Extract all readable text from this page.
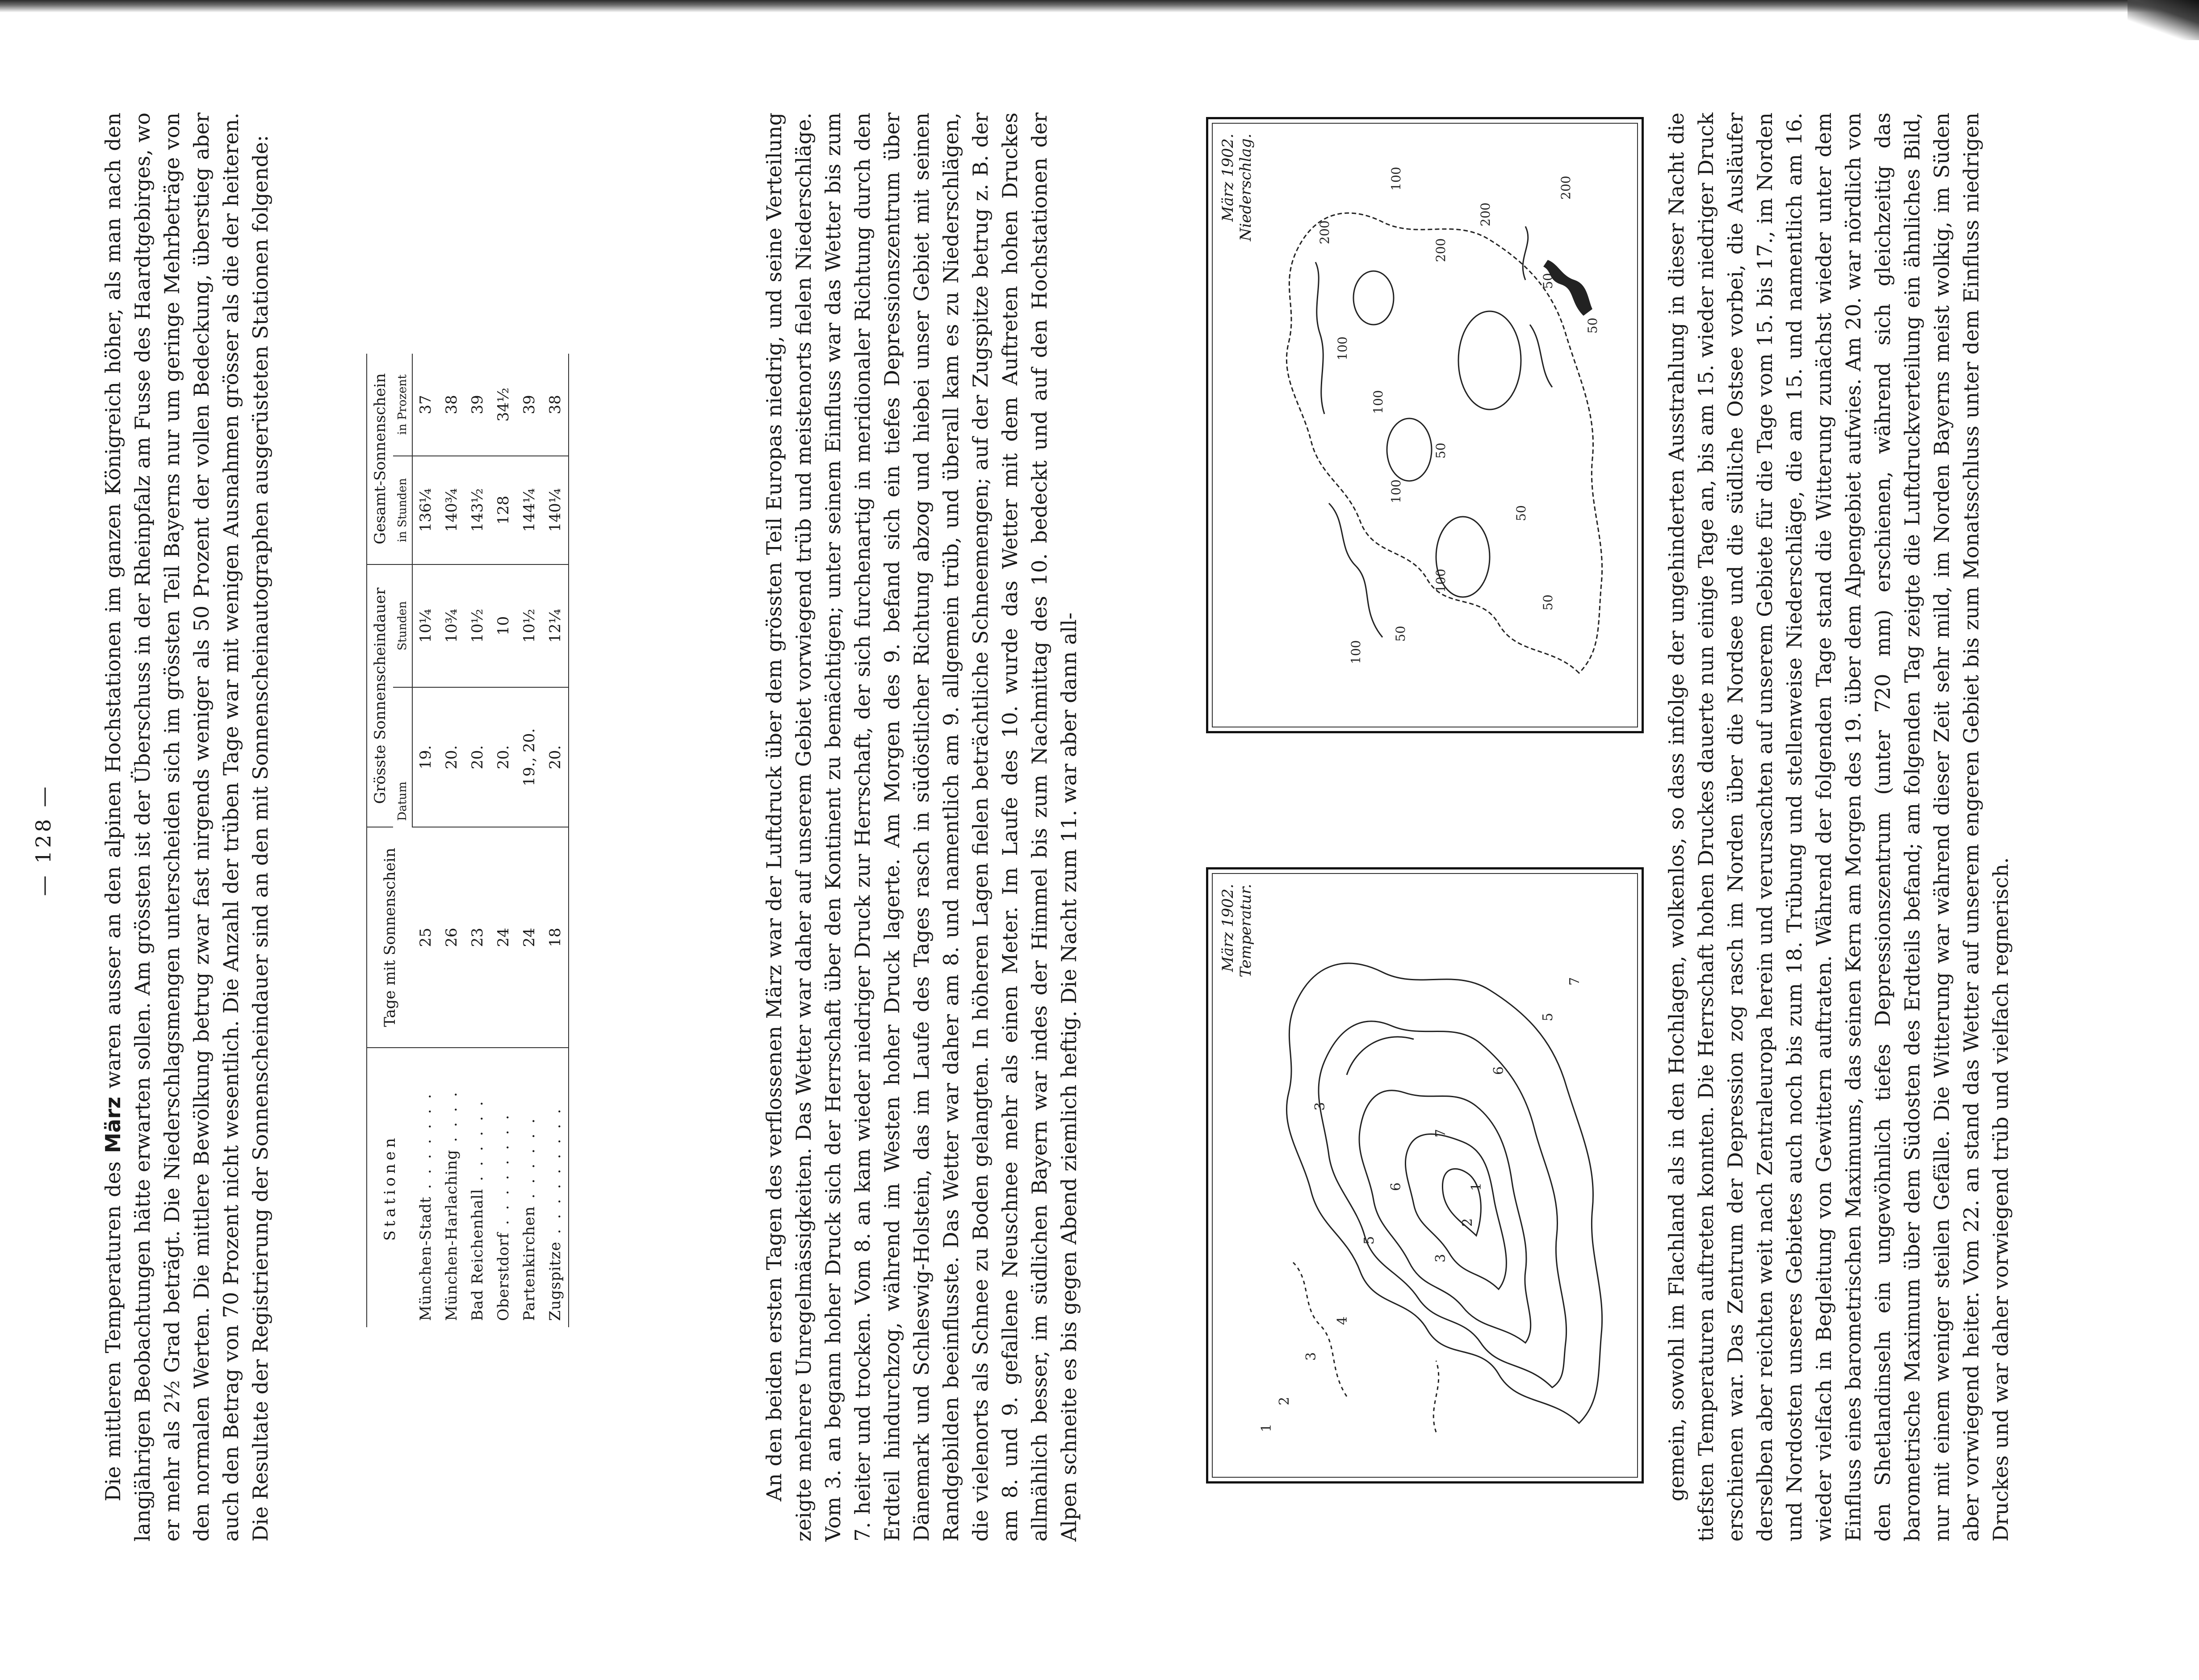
— 128 —

Die mittleren Temperaturen des März waren ausser an den alpinen Hochstationen im ganzen Königreich höher, als man nach den langjährigen Beobachtungen hätte erwarten sollen. Am grössten ist der Überschuss in der Rheinpfalz am Fusse des Haardtgebirges, wo er mehr als 2½ Grad beträgt. Die Niederschlagsmengen unterscheiden sich im grössten Teil Bayerns nur um geringe Mehrbeträge von den normalen Werten. Die mittlere Bewölkung betrug zwar fast nirgends weniger als 50 Prozent der vollen Bedeckung, überstieg aber auch den Betrag von 70 Prozent nicht wesentlich. Die Anzahl der trüben Tage war mit wenigen Ausnahmen grösser als die der heiteren. Die Resultate der Registrierung der Sonnenscheindauer sind an den mit Sonnenscheinautographen ausgerüsteten Stationen folgende:	Stationen	Tage mit Sonnenschein	Grösste Sonnenscheindauer		Gesamt-Sonnenschein	
		Datum	Stunden	in Stunden	in Prozent
München-Stadt . . . . . . .	25	19.	10¼	136¼	37
München-Harlaching . . . .	26	20.	10¾	140¾	38
Bad Reichenhall . . . . . .	23	20.	10½	143½	39
Oberstdorf . . . . . . . .	24	20.	10	128	34½
Partenkirchen . . . . . .	24	19., 20.	10½	144¼	39
Zugspitze . . . . . . . . .	18	20.	12¼	140¼	38	An den beiden ersten Tagen des verflossenen März war der Luftdruck über dem grössten Teil Europas niedrig, und seine Verteilung zeigte mehrere Unregelmässigkeiten. Das Wetter war daher auf unserem Gebiet vorwiegend trüb und meistenorts fielen Niederschläge. Vom 3. an begann hoher Druck sich der Herrschaft über den Kontinent zu bemächtigen; unter seinem Einfluss war das Wetter bis zum 7. heiter und trocken. Vom 8. an kam wieder niedriger Druck zur Herrschaft, der sich furchenartig in meridionaler Richtung durch den Erdteil hindurchzog, während im Westen hoher Druck lagerte. Am Morgen des 9. befand sich ein tiefes Depressionszentrum über Dänemark und Schleswig-Holstein, das im Laufe des Tages rasch in südöstlicher Richtung abzog und hiebei unser Gebiet mit seinen Randgebilden beeinflusste. Das Wetter war daher am 8. und namentlich am 9. allgemein trüb, und überall kam es zu Niederschlägen, die vielenorts als Schnee zu Boden gelangten. In höheren Lagen fielen beträchtliche Schneemengen; auf der Zugspitze betrug z. B. der am 8. und 9. gefallene Neuschnee mehr als einen Meter. Im Laufe des 10. wurde das Wetter mit dem Auftreten hohen Druckes allmählich besser, im südlichen Bayern war indes der Himmel bis zum Nachmittag des 10. bedeckt und auf den Hochstationen der Alpen schneite es bis gegen Abend ziemlich heftig. Die Nacht zum 11. war aber dann all-	1
2
3
4
5
6
7
6
5
7
3
2
1
3
März 1902. Temperatur.
100
50
100
100
50
100
100
200
200
200
50
50
100
50
50
200
März 1902. Niederschlag.	gemein, sowohl im Flachland als in den Hochlagen, wolkenlos, so dass infolge der ungehinderten Ausstrahlung in dieser Nacht die tiefsten Temperaturen auftreten konnten. Die Herrschaft hohen Druckes dauerte nun einige Tage an, bis am 15. wieder niedriger Druck erschienen war. Das Zentrum der Depression zog rasch im Norden über die Nordsee und die südliche Ostsee vorbei, die Ausläufer derselben aber reichten weit nach Zentraleuropa herein und verursachten auf unserem Gebiete für die Tage vom 15. bis 17., im Norden und Nordosten unseres Gebietes auch noch bis zum 18. Trübung und stellenweise Niederschläge, die am 15. und namentlich am 16. wieder vielfach in Begleitung von Gewittern auftraten. Während der folgenden Tage stand die Witterung zunächst wieder unter dem Einfluss eines barometrischen Maximums, das seinen Kern am Morgen des 19. über dem Alpengebiet aufwies. Am 20. war nördlich von den Shetlandinseln ein ungewöhnlich tiefes Depressionszentrum (unter 720 mm) erschienen, während sich gleichzeitig das barometrische Maximum über dem Südosten des Erdteils befand; am folgenden Tag zeigte die Luftdruckverteilung ein ähnliches Bild, nur mit einem weniger steilen Gefälle. Die Witterung war während dieser Zeit sehr mild, im Norden Bayerns meist wolkig, im Süden aber vorwiegend heiter. Vom 22. an stand das Wetter auf unserem engeren Gebiet bis zum Monatsschluss unter dem Einfluss niedrigen Druckes und war daher vorwiegend trüb und vielfach regnerisch.
